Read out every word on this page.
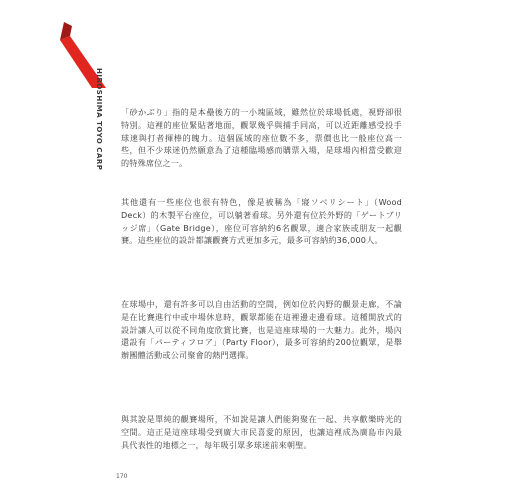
HIROSHIMA TOYO CARP 「砂かぶり」指的是本壘後方的一小塊區域，雖然位於球場低處，視野卻很特別。這裡的座位緊貼著地面，觀眾幾乎與捕手同高，可以近距離感受投手球速與打者揮棒的魄力。這個區域的座位數不多，票價也比一般座位高一些，但不少球迷仍然願意為了這種臨場感而購票入場，是球場內相當受歡迎的特殊席位之一。

其他還有一些座位也很有特色，像是被稱為「寢ソベリシート」（Wood Deck）的木製平台座位，可以躺著看球。另外還有位於外野的「ゲートブリッジ席」（Gate Bridge），座位可容納約6名觀眾，適合家族或朋友一起觀賽。這些座位的設計都讓觀賽方式更加多元，最多可容納約36,000人。

在球場中，還有許多可以自由活動的空間，例如位於內野的觀景走廊，不論是在比賽進行中或中場休息時，觀眾都能在這裡邊走邊看球。這種開放式的設計讓人可以從不同角度欣賞比賽，也是這座球場的一大魅力。此外，場內還設有「パーティフロア」（Party Floor），最多可容納約200位觀眾，是舉辦團體活動或公司聚會的熱門選擇。

與其說是單純的觀賽場所，不如說是讓人們能夠聚在一起、共享歡樂時光的空間。這正是這座球場受到廣大市民喜愛的原因，也讓這裡成為廣島市內最具代表性的地標之一，每年吸引眾多球迷前來朝聖。

170
